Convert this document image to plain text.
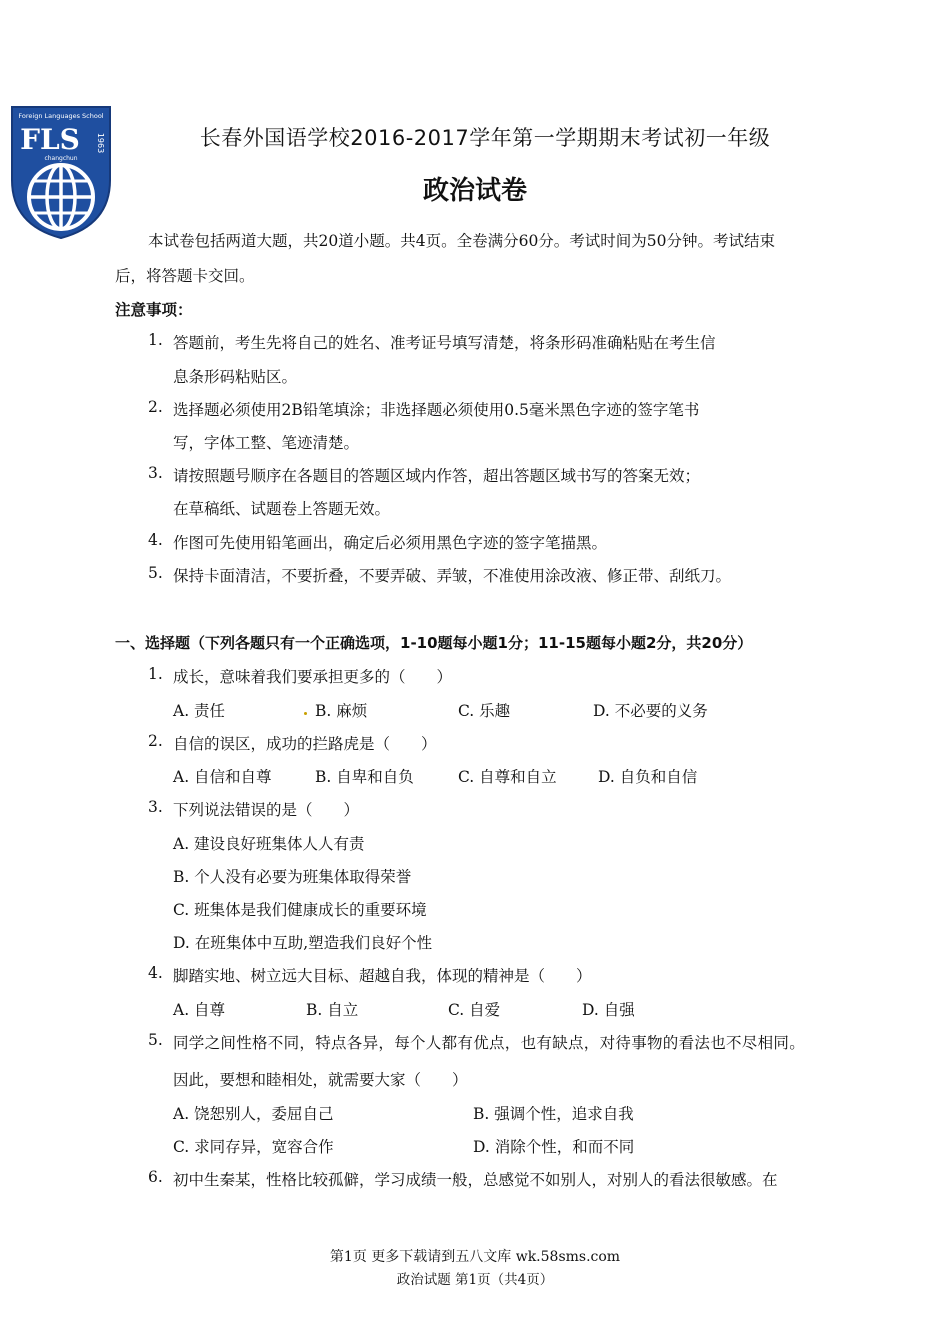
Foreign Languages School
FLS 1963
changchun
长春外国语学校2016-2017学年第一学期期末考试初一年级
政治试卷
本试卷包括两道大题，共20道小题。共4页。全卷满分60分。考试时间为50分钟。考试结束
后，将答题卡交回。
注意事项：
1. 答题前，考生先将自己的姓名、准考证号填写清楚，将条形码准确粘贴在考生信
息条形码粘贴区。
2. 选择题必须使用2B铅笔填涂；非选择题必须使用0.5毫米黑色字迹的签字笔书
写，字体工整、笔迹清楚。
3. 请按照题号顺序在各题目的答题区域内作答，超出答题区域书写的答案无效；
在草稿纸、试题卷上答题无效。
4. 作图可先使用铅笔画出，确定后必须用黑色字迹的签字笔描黑。
5. 保持卡面清洁，不要折叠，不要弄破、弄皱，不准使用涂改液、修正带、刮纸刀。
一、选择题（下列各题只有一个正确选项，1-10题每小题1分；11-15题每小题2分，共20分）
1. 成长，意味着我们要承担更多的（　　）
A. 责任	B. 麻烦	C. 乐趣	D. 不必要的义务
2. 自信的误区，成功的拦路虎是（　　）
A. 自信和自尊	B. 自卑和自负	C. 自尊和自立	D. 自负和自信
3. 下列说法错误的是（　　）
A. 建设良好班集体人人有责
B. 个人没有必要为班集体取得荣誉
C. 班集体是我们健康成长的重要环境
D. 在班集体中互助,塑造我们良好个性
4. 脚踏实地、树立远大目标、超越自我，体现的精神是（　　）
A. 自尊	B. 自立	C. 自爱	D. 自强
5. 同学之间性格不同，特点各异，每个人都有优点，也有缺点，对待事物的看法也不尽相同。
因此，要想和睦相处，就需要大家（　　）
A. 饶恕别人，委屈自己	B. 强调个性，追求自我
C. 求同存异，宽容合作	D. 消除个性，和而不同
6. 初中生秦某，性格比较孤僻，学习成绩一般，总感觉不如别人，对别人的看法很敏感。在
第1页 更多下载请到五八文库 wk.58sms.com
政治试题 第1页（共4页）
